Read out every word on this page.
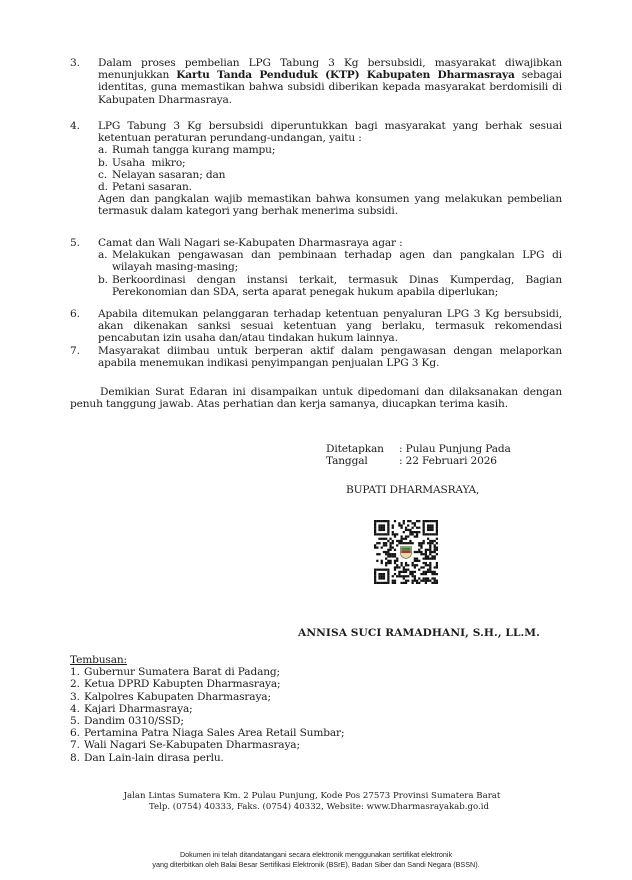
3.	Dalam proses pembelian LPG Tabung 3 Kg bersubsidi, masyarakat diwajibkan menunjukkan Kartu Tanda Penduduk (KTP) Kabupaten Dharmasraya sebagai identitas, guna memastikan bahwa subsidi diberikan kepada masyarakat berdomisili di Kabupaten Dharmasraya.
4.	LPG Tabung 3 Kg bersubsidi diperuntukkan bagi masyarakat yang berhak sesuai ketentuan peraturan perundang-undangan, yaitu :
a. Rumah tangga kurang mampu;
b. Usaha  mikro;
c. Nelayan sasaran; dan
d. Petani sasaran.
Agen dan pangkalan wajib memastikan bahwa konsumen yang melakukan pembelian termasuk dalam kategori yang berhak menerima subsidi.
5.	Camat dan Wali Nagari se-Kabupaten Dharmasraya agar :
a. Melakukan pengawasan dan pembinaan terhadap agen dan pangkalan LPG di wilayah masing-masing;
b. Berkoordinasi dengan instansi terkait, termasuk Dinas Kumperdag, Bagian Perekonomian dan SDA, serta aparat penegak hukum apabila diperlukan;
6.	Apabila ditemukan pelanggaran terhadap ketentuan penyaluran LPG 3 Kg bersubsidi, akan dikenakan sanksi sesuai ketentuan yang berlaku, termasuk rekomendasi pencabutan izin usaha dan/atau tindakan hukum lainnya.
7.	Masyarakat diimbau untuk berperan aktif dalam pengawasan dengan melaporkan apabila menemukan indikasi penyimpangan penjualan LPG 3 Kg.
Demikian Surat Edaran ini disampaikan untuk dipedomani dan dilaksanakan dengan penuh tanggung jawab. Atas perhatian dan kerja samanya, diucapkan terima kasih.
Ditetapkan	: Pulau Punjung Pada
Tanggal	: 22 Februari 2026
BUPATI DHARMASRAYA,
ANNISA SUCI RAMADHANI, S.H., LL.M.
Tembusan:
1. Gubernur Sumatera Barat di Padang;
2. Ketua DPRD Kabupten Dharmasraya;
3. Kalpolres Kabupaten Dharmasraya;
4. Kajari Dharmasraya;
5. Dandim 0310/SSD;
6. Pertamina Patra Niaga Sales Area Retail Sumbar;
7. Wali Nagari Se-Kabupaten Dharmasraya;
8. Dan Lain-lain dirasa perlu.
Jalan Lintas Sumatera Km. 2 Pulau Punjung, Kode Pos 27573 Provinsi Sumatera Barat
Telp. (0754) 40333, Faks. (0754) 40332, Website: www.Dharmasrayakab.go.id
Dokumen ini telah ditandatangani secara elektronik menggunakan sertifikat elektronik
yang diterbitkan oleh Balai Besar Sertifikasi Elektronik (BSrE), Badan Siber dan Sandi Negara (BSSN).
